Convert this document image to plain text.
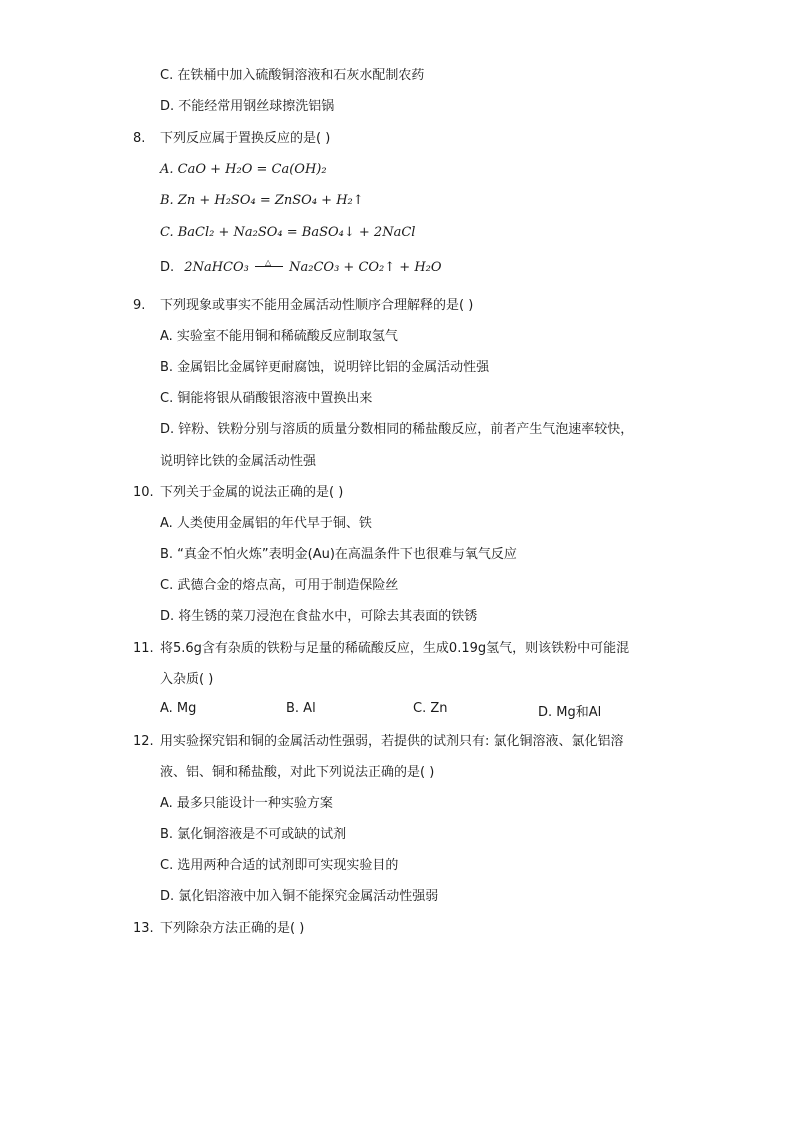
C. 在铁桶中加入硫酸铜溶液和石灰水配制农药
D. 不能经常用钢丝球擦洗铝锅
8. 下列反应属于置换反应的是( )
A. CaO + H₂O = Ca(OH)₂
B. Zn + H₂SO₄ = ZnSO₄ + H₂↑
C. BaCl₂ + Na₂SO₄ = BaSO₄↓ + 2NaCl
D. 2NaHCO₃ △ Na₂CO₃ + CO₂↑ + H₂O
9. 下列现象或事实不能用金属活动性顺序合理解释的是( )
A. 实验室不能用铜和稀硫酸反应制取氢气
B. 金属铝比金属锌更耐腐蚀，说明锌比铝的金属活动性强
C. 铜能将银从硝酸银溶液中置换出来
D. 锌粉、铁粉分别与溶质的质量分数相同的稀盐酸反应，前者产生气泡速率较快，
说明锌比铁的金属活动性强
10. 下列关于金属的说法正确的是( )
A. 人类使用金属铝的年代早于铜、铁
B. “真金不怕火炼”表明金(Au)在高温条件下也很难与氧气反应
C. 武德合金的熔点高，可用于制造保险丝
D. 将生锈的菜刀浸泡在食盐水中，可除去其表面的铁锈
11. 将5.6g含有杂质的铁粉与足量的稀硫酸反应，生成0.19g氢气，则该铁粉中可能混
入杂质( )
A. Mg	B. Al	C. Zn	D. Mg和Al
12. 用实验探究铝和铜的金属活动性强弱，若提供的试剂只有: 氯化铜溶液、氯化铝溶
液、铝、铜和稀盐酸，对此下列说法正确的是( )
A. 最多只能设计一种实验方案
B. 氯化铜溶液是不可或缺的试剂
C. 选用两种合适的试剂即可实现实验目的
D. 氯化铝溶液中加入铜不能探究金属活动性强弱
13. 下列除杂方法正确的是( )
